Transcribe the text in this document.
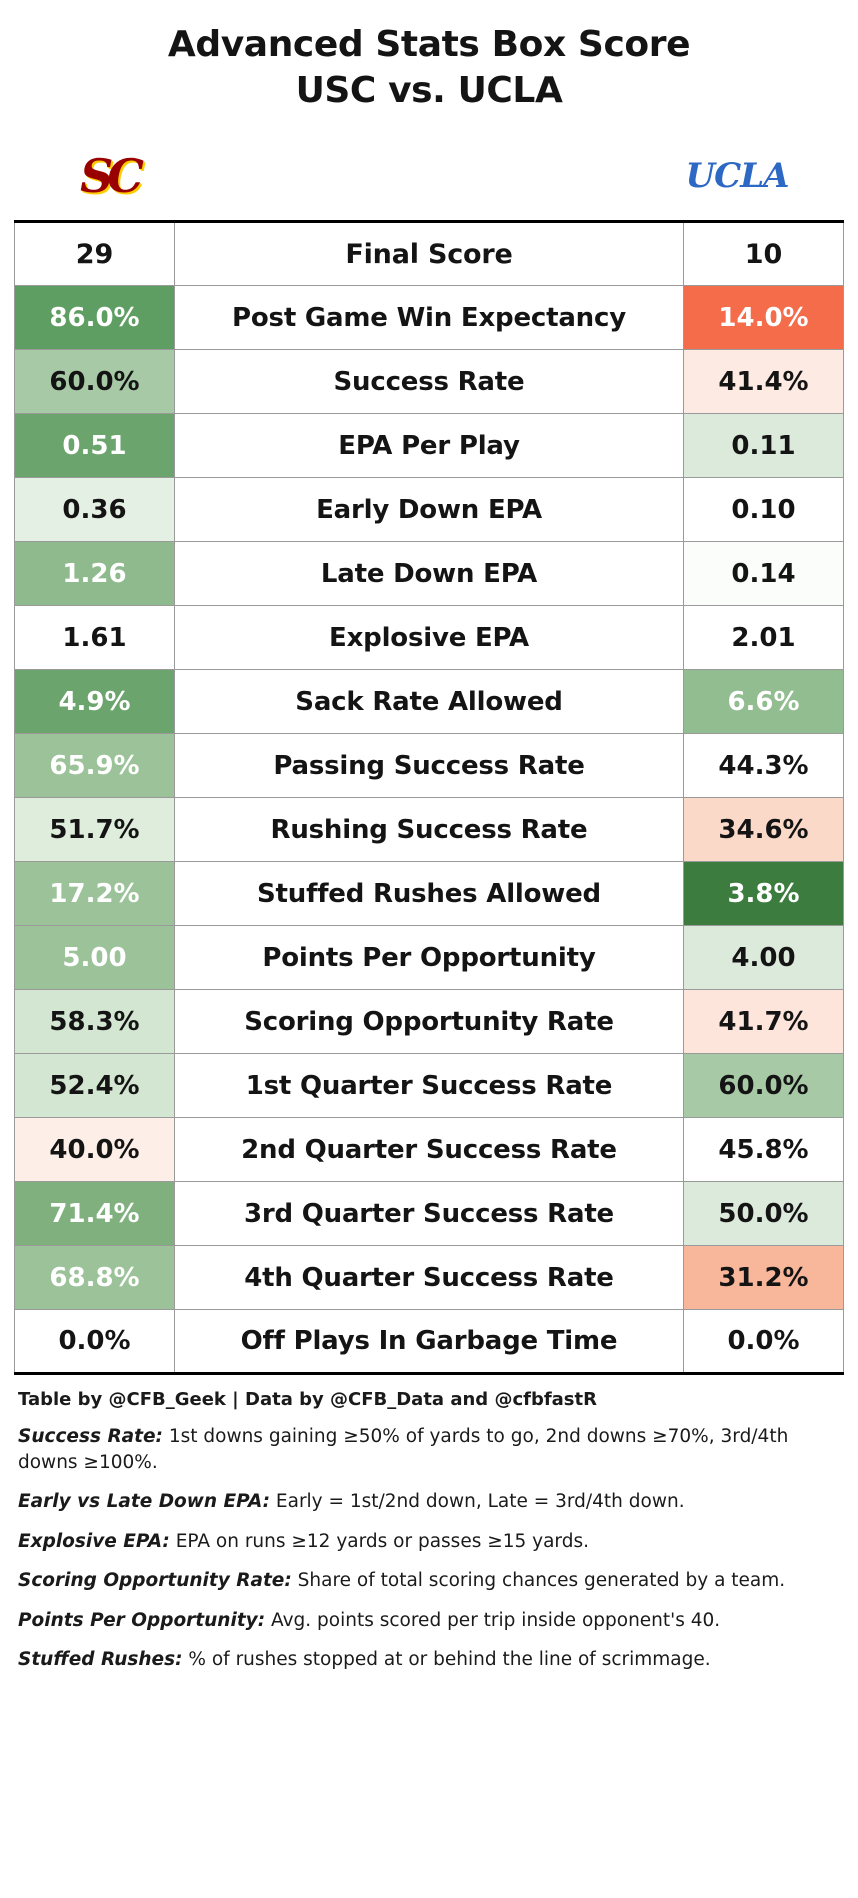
Advanced Stats Box Score
USC vs. UCLA
SC	UCLA
29	Final Score	10
86.0%	Post Game Win Expectancy	14.0%
60.0%	Success Rate	41.4%
0.51	EPA Per Play	0.11
0.36	Early Down EPA	0.10
1.26	Late Down EPA	0.14
1.61	Explosive EPA	2.01
4.9%	Sack Rate Allowed	6.6%
65.9%	Passing Success Rate	44.3%
51.7%	Rushing Success Rate	34.6%
17.2%	Stuffed Rushes Allowed	3.8%
5.00	Points Per Opportunity	4.00
58.3%	Scoring Opportunity Rate	41.7%
52.4%	1st Quarter Success Rate	60.0%
40.0%	2nd Quarter Success Rate	45.8%
71.4%	3rd Quarter Success Rate	50.0%
68.8%	4th Quarter Success Rate	31.2%
0.0%	Off Plays In Garbage Time	0.0%
Table by @CFB_Geek | Data by @CFB_Data and @cfbfastR
Success Rate: 1st downs gaining ≥50% of yards to go, 2nd downs ≥70%, 3rd/4th downs ≥100%.
Early vs Late Down EPA: Early = 1st/2nd down, Late = 3rd/4th down.
Explosive EPA: EPA on runs ≥12 yards or passes ≥15 yards.
Scoring Opportunity Rate: Share of total scoring chances generated by a team.
Points Per Opportunity: Avg. points scored per trip inside opponent's 40.
Stuffed Rushes: % of rushes stopped at or behind the line of scrimmage.
